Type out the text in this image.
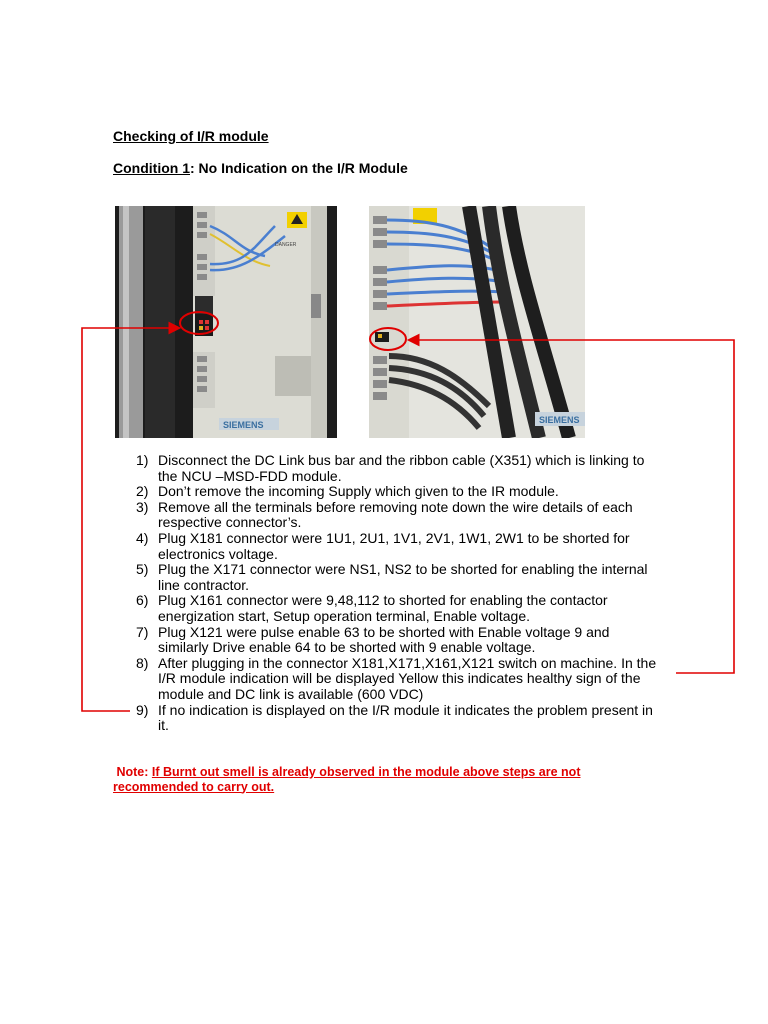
Checking of I/R module
Condition 1: No Indication on the I/R Module
DANGER
SIEMENS	SIEMENS
1) Disconnect the DC Link bus bar and the ribbon cable (X351) which is linking to the NCU –MSD-FDD module.
2) Don’t remove the incoming Supply which given to the IR module.
3) Remove all the terminals before removing note down the wire details of each respective connector’s.
4) Plug X181 connector were 1U1, 2U1, 1V1, 2V1, 1W1, 2W1 to be shorted for electronics voltage.
5) Plug the X171 connector were NS1, NS2 to be shorted for enabling the internal line contractor.
6) Plug X161 connector were 9,48,112 to shorted for enabling the contactor energization start, Setup operation terminal, Enable voltage.
7) Plug X121 were pulse enable 63 to be shorted with Enable voltage 9 and similarly Drive enable 64 to be shorted with 9 enable voltage.
8) After plugging in the connector X181,X171,X161,X121 switch on machine. In the I/R module indication will be displayed Yellow this indicates healthy sign of the module and DC link is available (600 VDC)
9) If no indication is displayed on the I/R module it indicates the problem present in it.
Note: If Burnt out smell is already observed in the module above steps are not recommended to carry out.
